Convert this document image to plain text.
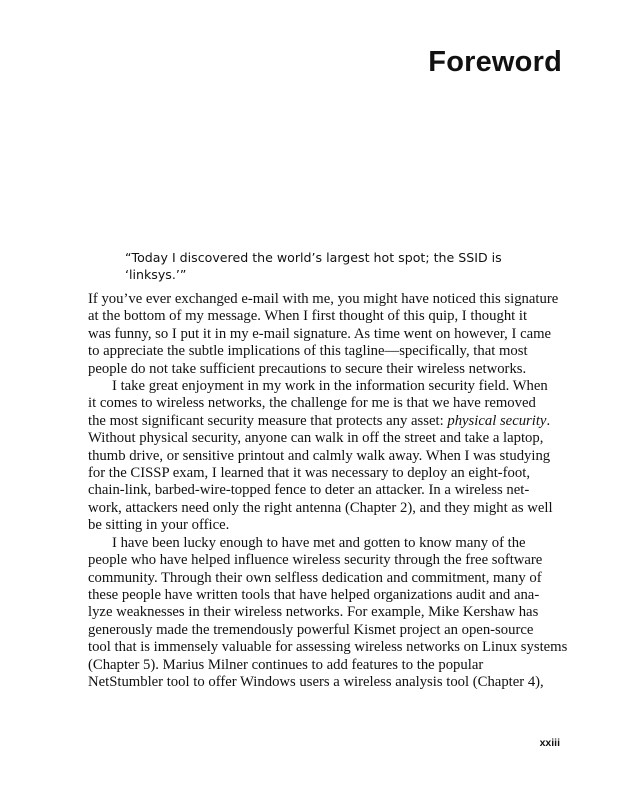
Foreword
“Today I discovered the world’s largest hot spot; the SSID is
‘linksys.’”
If you’ve ever exchanged e-mail with me, you might have noticed this signature
at the bottom of my message. When I first thought of this quip, I thought it
was funny, so I put it in my e-mail signature. As time went on however, I came
to appreciate the subtle implications of this tagline—specifically, that most
people do not take sufficient precautions to secure their wireless networks.
I take great enjoyment in my work in the information security field. When
it comes to wireless networks, the challenge for me is that we have removed
the most significant security measure that protects any asset: physical security.
Without physical security, anyone can walk in off the street and take a laptop,
thumb drive, or sensitive printout and calmly walk away. When I was studying
for the CISSP exam, I learned that it was necessary to deploy an eight-foot,
chain-link, barbed-wire-topped fence to deter an attacker. In a wireless net-
work, attackers need only the right antenna (Chapter 2), and they might as well
be sitting in your office.
I have been lucky enough to have met and gotten to know many of the
people who have helped influence wireless security through the free software
community. Through their own selfless dedication and commitment, many of
these people have written tools that have helped organizations audit and ana-
lyze weaknesses in their wireless networks. For example, Mike Kershaw has
generously made the tremendously powerful Kismet project an open-source
tool that is immensely valuable for assessing wireless networks on Linux systems
(Chapter 5). Marius Milner continues to add features to the popular
NetStumbler tool to offer Windows users a wireless analysis tool (Chapter 4),
xxiii
